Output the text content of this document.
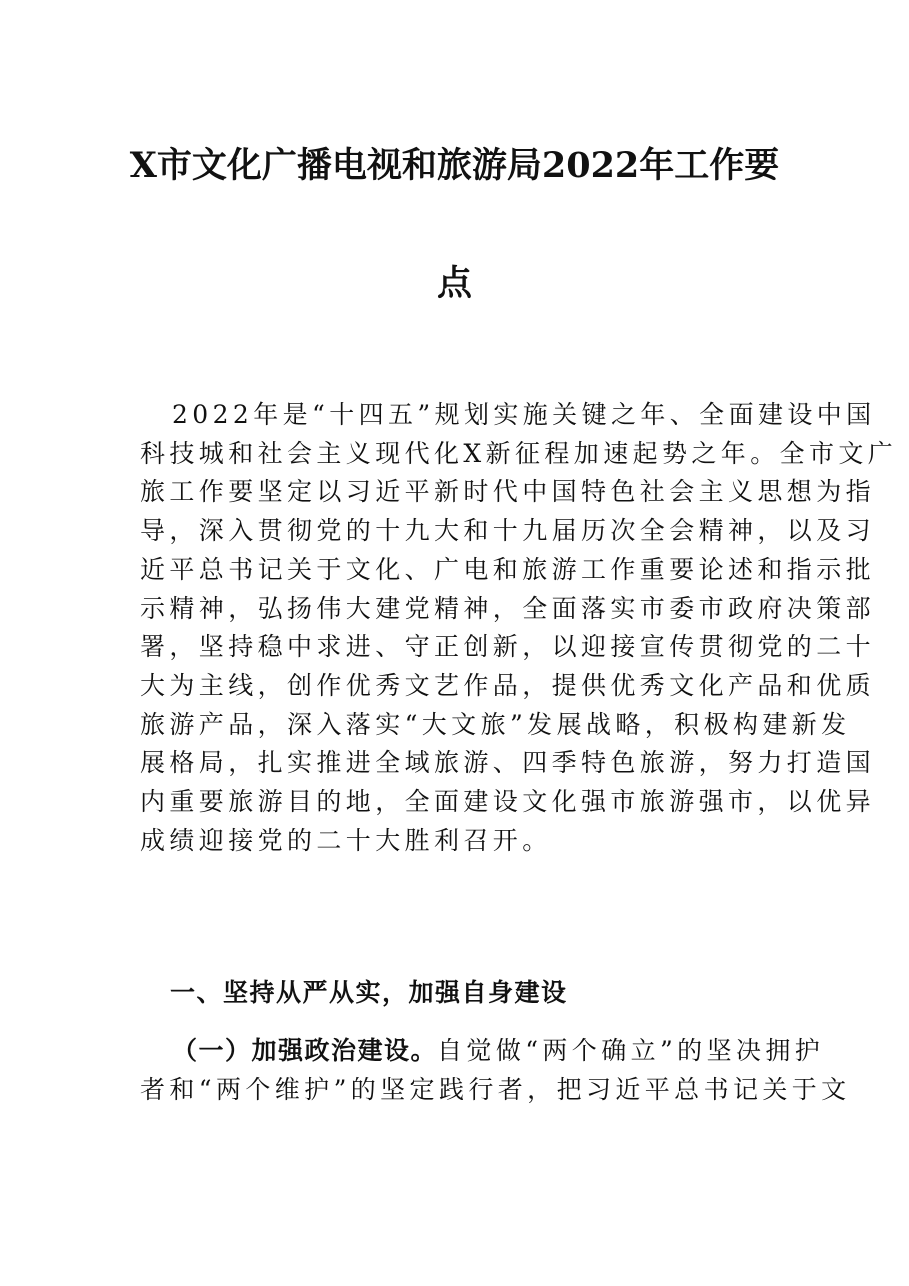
X市文化广播电视和旅游局2022年工作要
点
2022年是“十四五”规划实施关键之年、全面建设中国
科技城和社会主义现代化X新征程加速起势之年。全市文广
旅工作要坚定以习近平新时代中国特色社会主义思想为指
导，深入贯彻党的十九大和十九届历次全会精神，以及习
近平总书记关于文化、广电和旅游工作重要论述和指示批
示精神，弘扬伟大建党精神，全面落实市委市政府决策部
署，坚持稳中求进、守正创新，以迎接宣传贯彻党的二十
大为主线，创作优秀文艺作品，提供优秀文化产品和优质
旅游产品，深入落实“大文旅”发展战略，积极构建新发
展格局，扎实推进全域旅游、四季特色旅游，努力打造国
内重要旅游目的地，全面建设文化强市旅游强市，以优异
成绩迎接党的二十大胜利召开。
一、坚持从严从实，加强自身建设
（一）加强政治建设。自觉做“两个确立”的坚决拥护
者和“两个维护”的坚定践行者，把习近平总书记关于文
